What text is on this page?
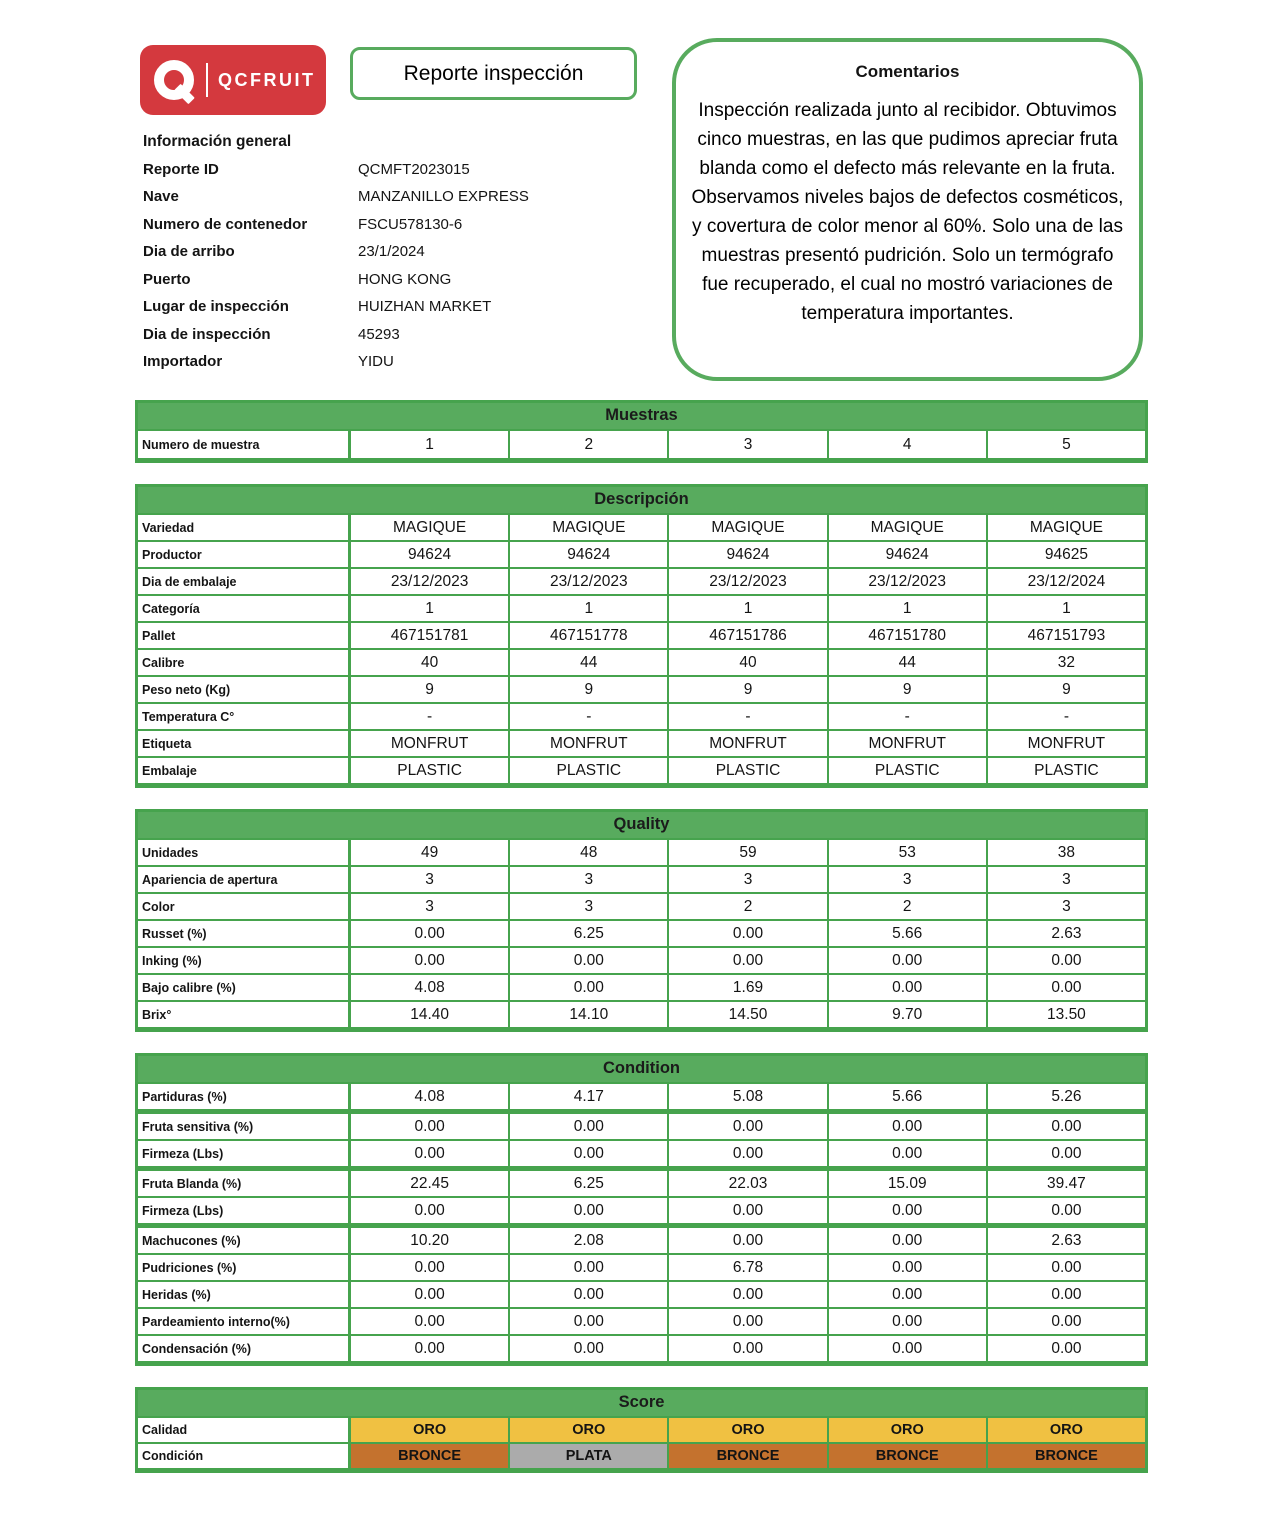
QCFRUIT	Reporte inspección	Comentarios
Inspección realizada junto al recibidor. Obtuvimos cinco muestras, en las que pudimos apreciar fruta blanda como el defecto más relevante en la fruta. Observamos niveles bajos de defectos cosméticos, y covertura de color menor al 60%. Solo una de las muestras presentó pudrición. Solo un termógrafo fue recuperado, el cual no mostró variaciones de temperatura importantes.
Información general
Reporte ID	QCMFT2023015
Nave	MANZANILLO EXPRESS
Numero de contenedor	FSCU578130-6
Dia de arribo	23/1/2024
Puerto	HONG KONG
Lugar de inspección	HUIZHAN MARKET
Dia de inspección	45293
Importador	YIDU
Muestras
Numero de muestra	1	2	3	4	5
Descripción
Variedad	MAGIQUE	MAGIQUE	MAGIQUE	MAGIQUE	MAGIQUE
Productor	94624	94624	94624	94624	94625
Dia de embalaje	23/12/2023	23/12/2023	23/12/2023	23/12/2023	23/12/2024
Categoría	1	1	1	1	1
Pallet	467151781	467151778	467151786	467151780	467151793
Calibre	40	44	40	44	32
Peso neto (Kg)	9	9	9	9	9
Temperatura C°	-	-	-	-	-
Etiqueta	MONFRUT	MONFRUT	MONFRUT	MONFRUT	MONFRUT
Embalaje	PLASTIC	PLASTIC	PLASTIC	PLASTIC	PLASTIC
Quality
Unidades	49	48	59	53	38
Apariencia de apertura	3	3	3	3	3
Color	3	3	2	2	3
Russet (%)	0.00	6.25	0.00	5.66	2.63
Inking (%)	0.00	0.00	0.00	0.00	0.00
Bajo calibre (%)	4.08	0.00	1.69	0.00	0.00
Brix°	14.40	14.10	14.50	9.70	13.50
Condition
Partiduras (%)	4.08	4.17	5.08	5.66	5.26
Fruta sensitiva (%)	0.00	0.00	0.00	0.00	0.00
Firmeza (Lbs)	0.00	0.00	0.00	0.00	0.00
Fruta Blanda (%)	22.45	6.25	22.03	15.09	39.47
Firmeza (Lbs)	0.00	0.00	0.00	0.00	0.00
Machucones (%)	10.20	2.08	0.00	0.00	2.63
Pudriciones (%)	0.00	0.00	6.78	0.00	0.00
Heridas (%)	0.00	0.00	0.00	0.00	0.00
Pardeamiento interno(%)	0.00	0.00	0.00	0.00	0.00
Condensación (%)	0.00	0.00	0.00	0.00	0.00
Score
Calidad	ORO	ORO	ORO	ORO	ORO
Condición	BRONCE	PLATA	BRONCE	BRONCE	BRONCE
